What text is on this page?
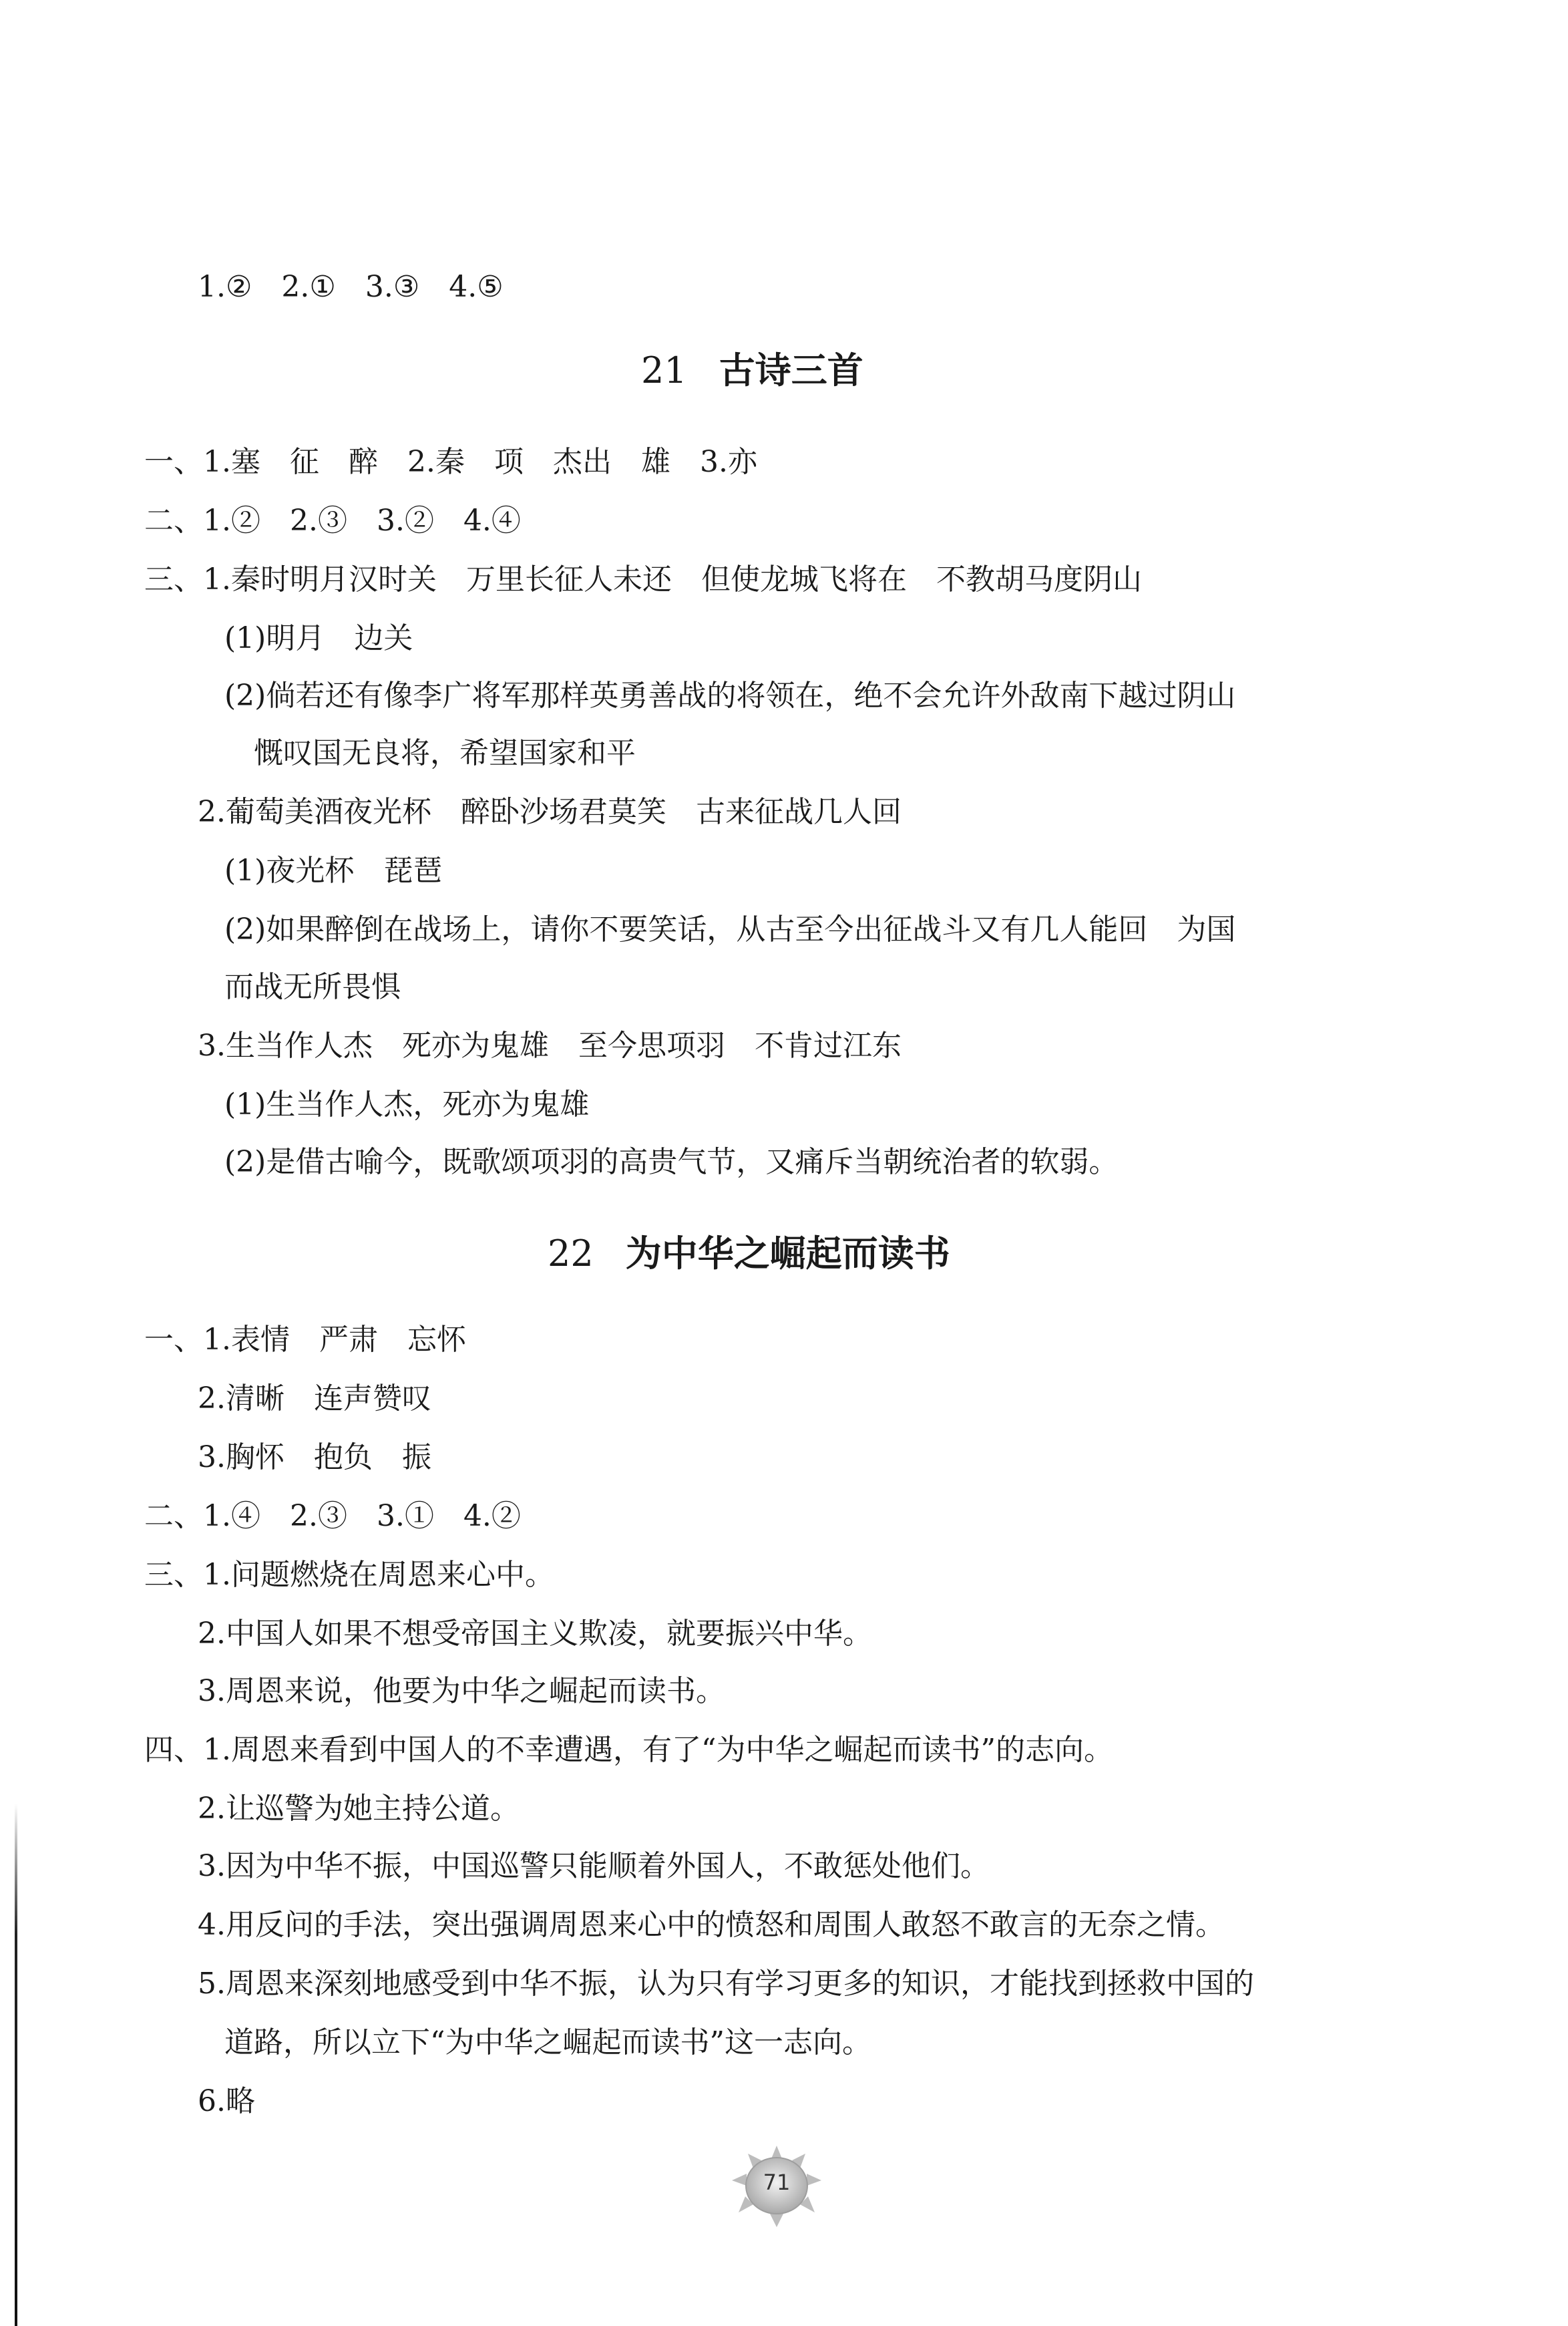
1.②　2.①　3.③　4.⑤
21 古诗三首
一、1.塞　征　醉　2.秦　项　杰出　雄　3.亦
二、1.②　2.③　3.②　4.④
三、1.秦时明月汉时关　万里长征人未还　但使龙城飞将在　不教胡马度阴山
(1)明月　边关
(2)倘若还有像李广将军那样英勇善战的将领在，绝不会允许外敌南下越过阴山
慨叹国无良将，希望国家和平
2.葡萄美酒夜光杯　醉卧沙场君莫笑　古来征战几人回
(1)夜光杯　琵琶
(2)如果醉倒在战场上，请你不要笑话，从古至今出征战斗又有几人能回　为国
而战无所畏惧
3.生当作人杰　死亦为鬼雄　至今思项羽　不肯过江东
(1)生当作人杰，死亦为鬼雄
(2)是借古喻今，既歌颂项羽的高贵气节，又痛斥当朝统治者的软弱。
22 为中华之崛起而读书
一、1.表情　严肃　忘怀
2.清晰　连声赞叹
3.胸怀　抱负　振
二、1.④　2.③　3.①　4.②
三、1.问题燃烧在周恩来心中。
2.中国人如果不想受帝国主义欺凌，就要振兴中华。
3.周恩来说，他要为中华之崛起而读书。
四、1.周恩来看到中国人的不幸遭遇，有了“为中华之崛起而读书”的志向。
2.让巡警为她主持公道。
3.因为中华不振，中国巡警只能顺着外国人，不敢惩处他们。
4.用反问的手法，突出强调周恩来心中的愤怒和周围人敢怒不敢言的无奈之情。
5.周恩来深刻地感受到中华不振，认为只有学习更多的知识，才能找到拯救中国的
道路，所以立下“为中华之崛起而读书”这一志向。
6.略
71
